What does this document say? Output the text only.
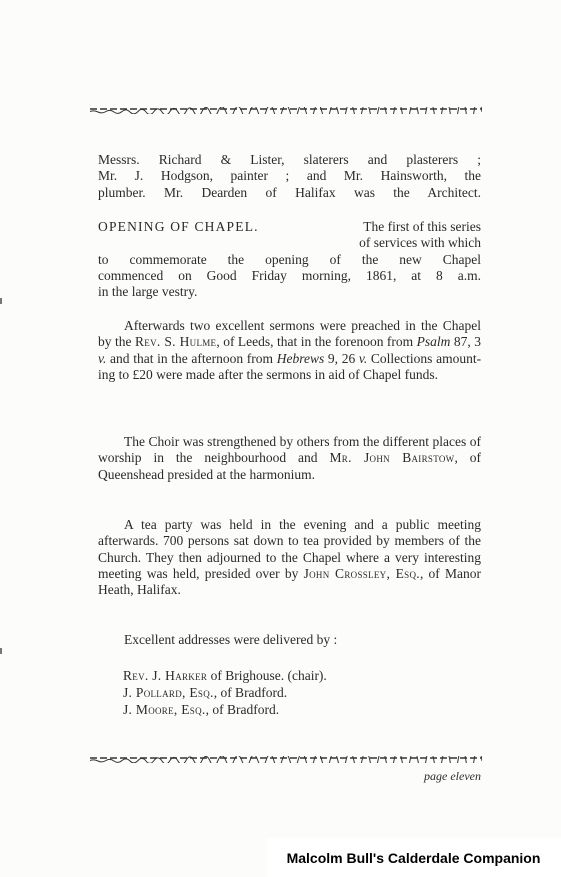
Messrs. Richard & Lister, slaterers and plasterers ;
Mr. J. Hodgson, painter ; and Mr. Hainsworth, the
plumber. Mr. Dearden of Halifax was the Architect.
OPENING OF CHAPEL.	The first of this series
of services with which
to commemorate the opening of the new Chapel
commenced on Good Friday morning, 1861, at 8 a.m.
in the large vestry.

Afterwards two excellent sermons were preached in the Chapel by the Rev. S. Hulme, of Leeds, that in the forenoon from Psalm 87, 3 v. and that in the afternoon from Hebrews 9, 26 v. Collections amount-ing to £20 were made after the sermons in aid of Chapel funds.

The Choir was strengthened by others from the different places of worship in the neighbourhood and Mr. John Bairstow, of Queenshead presided at the harmonium.

A tea party was held in the evening and a public meeting afterwards. 700 persons sat down to tea provided by members of the Church. They then adjourned to the Chapel where a very interesting meeting was held, presided over by John Crossley, Esq., of Manor Heath, Halifax.

Excellent addresses were delivered by :

Rev. J. Harker of Brighouse. (chair).
J. Pollard, Esq., of Bradford.
J. Moore, Esq., of Bradford.
page eleven
Malcolm Bull's Calderdale Companion
